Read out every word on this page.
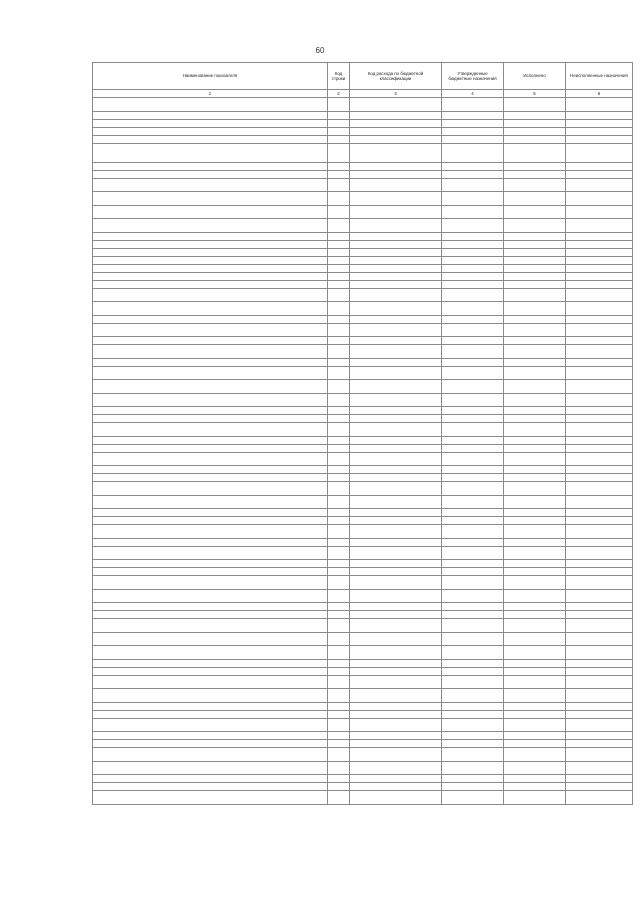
60
Наименование показателя	Код строки	Код расхода по бюджетной классификации	Утвержденные бюджетные назначения	Исполнено	Неисполненные назначения
1	2	3	4	5	6
